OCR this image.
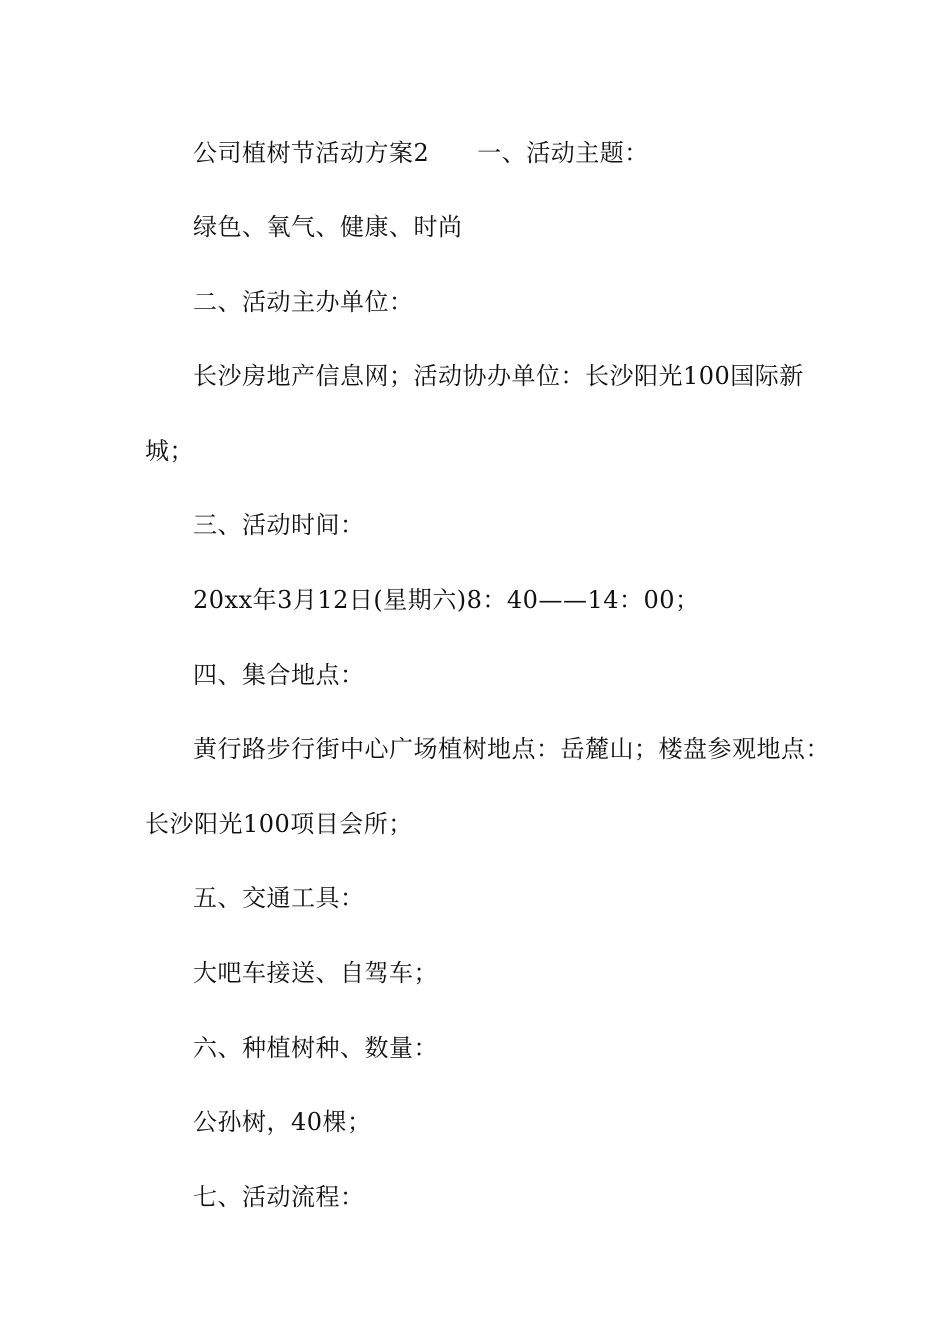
公司植树节活动方案2 一、活动主题：
绿色、氧气、健康、时尚
二、活动主办单位：
长沙房地产信息网；活动协办单位：长沙阳光100国际新
城；
三、活动时间：
20xx年3月12日(星期六)8：40——14：00；
四、集合地点：
黄行路步行街中心广场植树地点：岳麓山；楼盘参观地点：
长沙阳光100项目会所；
五、交通工具：
大吧车接送、自驾车；
六、种植树种、数量：
公孙树，40棵；
七、活动流程：
